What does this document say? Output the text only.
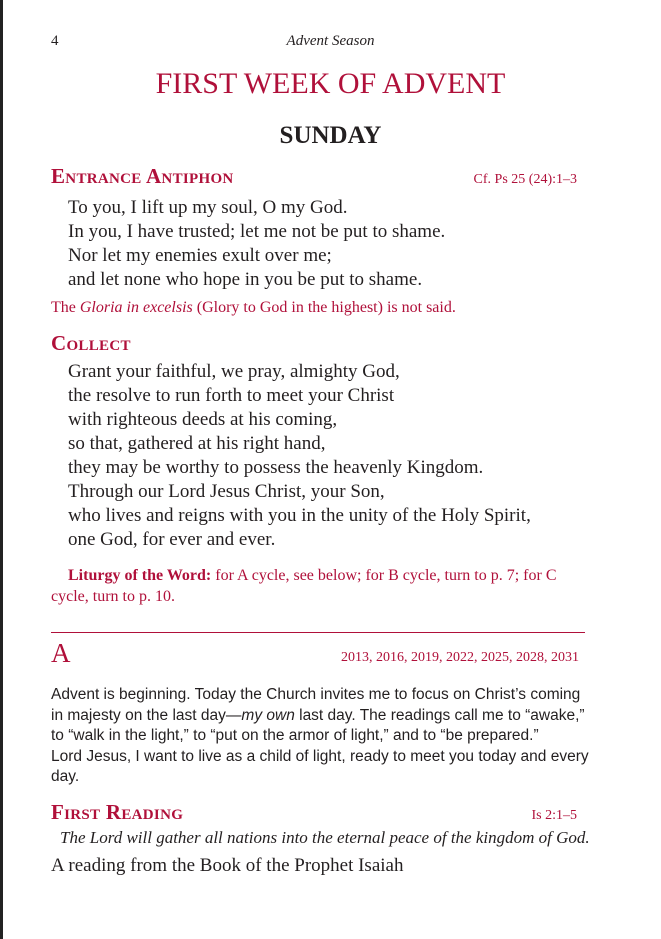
4	Advent Season
FIRST WEEK OF ADVENT
SUNDAY
Entrance Antiphon	Cf. Ps 25 (24):1–3
To you, I lift up my soul, O my God.
In you, I have trusted; let me not be put to shame.
Nor let my enemies exult over me;
and let none who hope in you be put to shame.
The Gloria in excelsis (Glory to God in the highest) is not said.
Collect
Grant your faithful, we pray, almighty God,
the resolve to run forth to meet your Christ
with righteous deeds at his coming,
so that, gathered at his right hand,
they may be worthy to possess the heavenly Kingdom.
Through our Lord Jesus Christ, your Son,
who lives and reigns with you in the unity of the Holy Spirit,
one God, for ever and ever.
Liturgy of the Word: for A cycle, see below; for B cycle, turn to p. 7; for C cycle, turn to p. 10.
A	2013, 2016, 2019, 2022, 2025, 2028, 2031
Advent is beginning. Today the Church invites me to focus on Christ’s coming
in majesty on the last day—my own last day. The readings call me to “awake,”
to “walk in the light,” to “put on the armor of light,” and to “be prepared.”
Lord Jesus, I want to live as a child of light, ready to meet you today and every
day.
First Reading	Is 2:1–5
The Lord will gather all nations into the eternal peace of the kingdom of God.
A reading from the Book of the Prophet Isaiah
